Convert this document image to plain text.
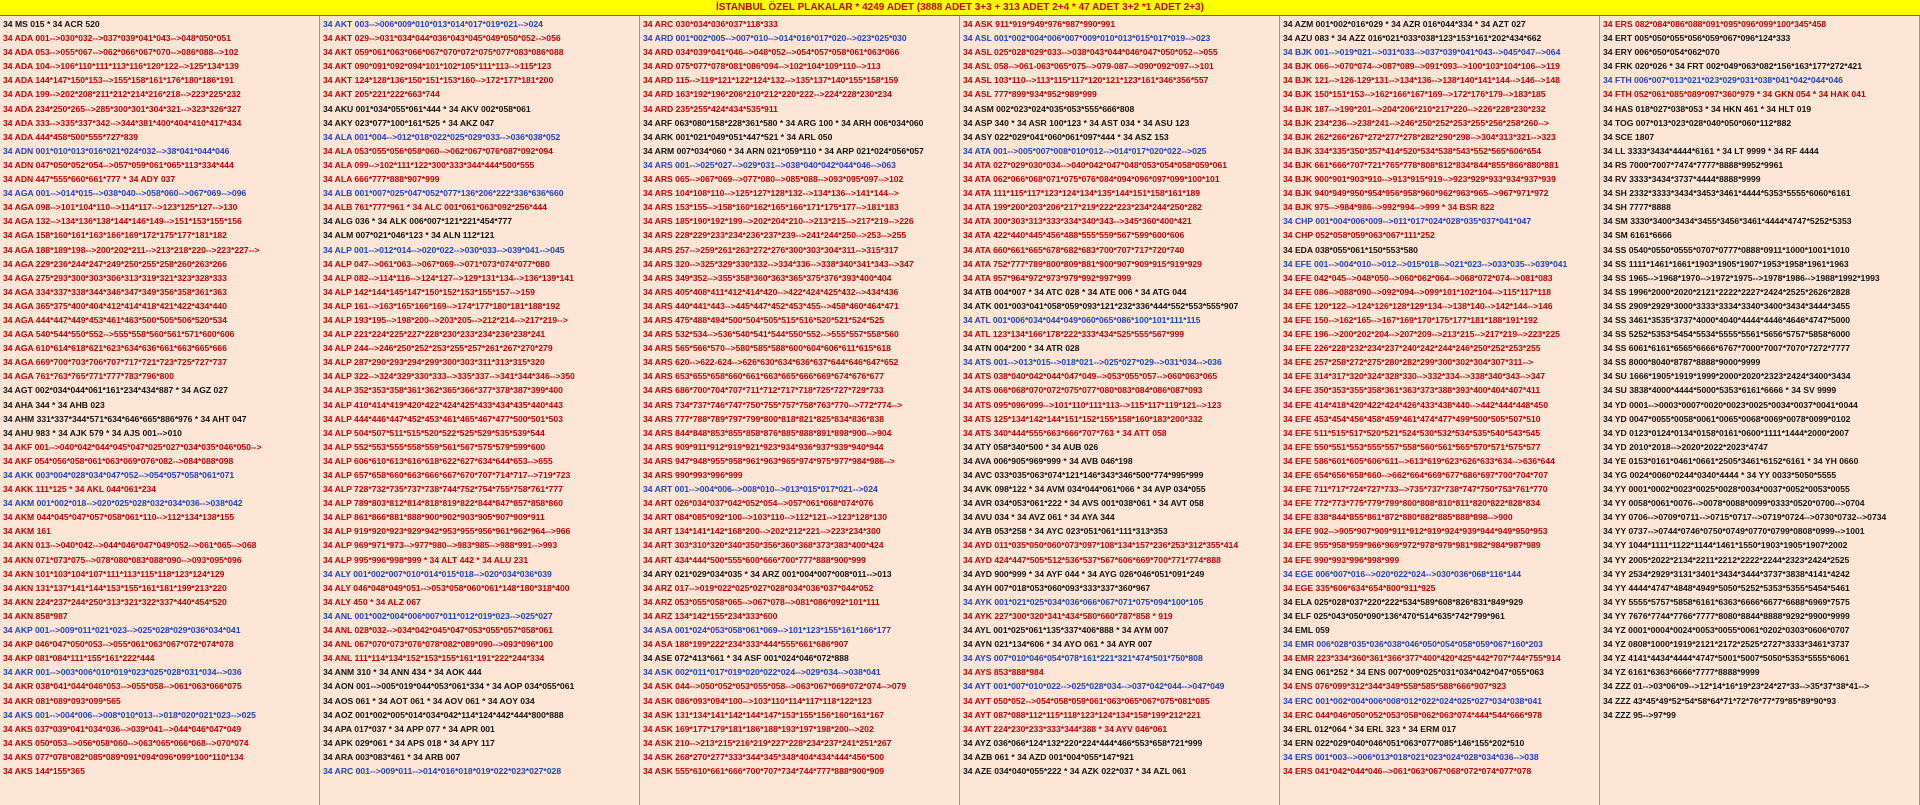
İSTANBUL ÖZEL PLAKALAR * 4249 ADET (3888 ADET 3+3 + 313 ADET 2+4 * 47 ADET 3+2 *1 ADET 2+3)
34 MS 015 * 34 ACR 520
34 ADA 001-->030*032-->037*039*041*043-->048*050*051
34 ADA 053-->055*067-->062*066*067*070-->086*088-->102
34 ADA 104-->106*110*111*113*116*120*122-->125*134*139
34 ADA 144*147*150*153-->155*158*161*176*180*186*191
34 ADA 199-->202*208*211*212*214*216*218-->223*225*232
34 ADA 234*250*265-->285*300*301*304*321-->323*326*327
34 ADA 333-->335*337*342-->344*381*400*404*410*417*434
34 ADA 444*458*500*555*727*839
34 ADN 001*010*013*016*021*024*032-->38*041*044*046
34 ADN 047*050*052*054-->057*059*061*065*113*334*444
34 ADN 447*555*660*661*777 * 34 ADY 037
34 AGA 001-->014*015-->038*040-->058*060-->067*069-->096
34 AGA 098-->101*104*110-->114*117-->123*125*127-->130
34 AGA 132-->134*136*138*144*146*149-->151*153*155*156
34 AGA 158*160*161*163*166*169*172*175*177*181*182
34 AGA 188*189*198-->200*202*211-->213*218*220-->223*227-->
34 AGA 229*236*244*247*249*250*255*258*260*263*266
34 AGA 275*293*300*303*306*313*319*321*323*328*333
34 AGA 334*337*338*344*346*347*349*356*358*361*363
34 AGA 365*375*400*404*412*414*418*421*422*434*440
34 AGA 444*447*449*453*461*463*500*505*506*520*534
34 AGA 540*544*550*552-->555*558*560*561*571*600*606
34 AGA 610*614*618*621*623*634*636*661*663*665*666
34 AGA 669*700*703*706*707*717*721*723*725*727*737
34 AGA 761*763*765*771*777*783*796*800
34 AGT 002*034*044*061*161*234*434*887 * 34 AGZ 027
34 AHA 344 * 34 AHB 023
34 AHM 331*337*344*571*634*646*665*886*976 * 34 AHT 047
34 AHU 983 * 34 AJK 579 * 34 AJS 001-->010
34 AKF 001-->040*042*044*045*047*025*027*034*035*046*050-->
34 AKF 054*056*058*061*063*069*076*082-->084*088*098
34 AKK 003*004*028*034*047*052-->054*057*058*061*071
34 AKK 111*125 * 34 AKL 044*061*234
34 AKM 001*002*018-->020*025*028*032*034*036-->038*042
34 AKM 044*045*047*057*058*061*110-->112*134*138*155
34 AKM 161
34 AKN 013-->040*042-->044*046*047*049*052-->061*065-->068
34 AKN 071*073*075-->078*080*083*088*090-->093*095*096
34 AKN 101*103*104*107*111*113*115*118*123*124*129
34 AKN 131*137*141*144*153*155*161*181*199*213*220
34 AKN 224*237*244*250*313*321*322*337*440*454*520
34 AKN 858*987
34 AKP 001-->009*011*021*023-->025*028*029*036*034*041
34 AKP 046*047*050*053-->055*061*063*067*072*074*078
34 AKP 081*084*111*155*161*222*444
34 AKR 001-->003*006*010*019*023*025*028*031*034-->036
34 AKR 038*041*044*046*053-->055*058-->061*063*066*075
34 AKR 081*089*093*099*565
34 AKS 001-->004*006-->008*010*013-->018*020*021*023-->025
34 AKS 037*039*041*034*036-->039*041-->044*046*047*049
34 AKS 050*053-->056*058*060-->063*065*066*068-->070*074
34 AKS 077*078*082*085*089*091*094*096*099*100*110*134
34 AKS 144*155*365
34 AKT 003-->006*009*010*013*014*017*019*021-->024
34 AKT 029-->031*034*044*036*043*045*049*050*052-->056
34 AKT 059*061*063*066*067*070*072*075*077*083*086*088
34 AKT 090*091*092*094*101*102*105*111*113-->115*123
34 AKT 124*128*136*150*151*153*160-->172*177*181*200
34 AKT 205*221*222*663*744
34 AKU 001*034*055*061*444 * 34 AKV 002*058*061
34 AKY 023*077*100*161*525 * 34 AKZ 047
34 ALA 001*004-->012*018*022*025*029*033-->036*038*052
34 ALA 053*055*056*058*060-->062*067*076*087*092*094
34 ALA 099-->102*111*122*300*333*344*444*500*555
34 ALA 666*777*888*907*999
34 ALB 001*007*025*047*052*077*136*206*222*336*636*660
34 ALB 761*777*961 * 34 ALC 001*061*063*092*256*444
34 ALG 036 * 34 ALK 006*007*121*221*454*777
34 ALM 007*021*046*123 * 34 ALN 112*121
34 ALP 001-->012*014-->020*022-->030*033-->039*041-->045
34 ALP 047-->061*063-->067*069-->071*073*074*077*080
34 ALP 082-->114*116-->124*127-->129*131*134-->136*139*141
34 ALP 142*144*145*147*150*152*153*155*157-->159
34 ALP 161-->163*165*166*169-->174*177*180*181*188*192
34 ALP 193*195-->198*200-->203*205-->212*214-->217*219-->
34 ALP 221*224*225*227*228*230*233*234*236*238*241
34 ALP 244-->246*250*252*253*255*257*261*267*270*279
34 ALP 287*290*293*294*299*300*303*311*313*315*320
34 ALP 322-->324*329*330*333-->335*337-->341*344*346-->350
34 ALP 352*353*358*361*362*365*366*377*378*387*399*400
34 ALP 410*414*419*420*422*424*425*433*434*435*440*443
34 ALP 444*446*447*452*453*461*465*467*477*500*501*503
34 ALP 504*507*511*515*520*522*525*529*535*539*544
34 ALP 552*553*555*558*559*561*567*575*579*599*600
34 ALP 606*610*613*616*618*622*627*634*644*653-->655
34 ALP 657*658*660*663*666*667*670*707*714*717-->719*723
34 ALP 728*732*735*737*738*744*752*754*755*758*761*777
34 ALP 789*803*812*814*818*819*822*844*847*857*858*860
34 ALP 861*866*881*888*900*902*903*905*907*909*911
34 ALP 919*920*923*929*942*953*955*956*961*962*964-->966
34 ALP 969*971*973-->977*980-->983*985-->988*991-->993
34 ALP 995*996*998*999 * 34 ALT 442 * 34 ALU 231
34 ALY 001*002*007*010*014*015*018-->020*034*036*039
34 ALY 046*048*049*051-->053*058*060*061*148*180*318*400
34 ALY 450 * 34 ALZ 067
34 ANL 001*002*004*006*007*011*012*019*023-->025*027
34 ANL 028*032-->034*042*045*047*053*055*057*058*061
34 ANL 067*070*073*076*078*082*089*090-->093*096*100
34 ANL 111*114*134*152*153*155*161*191*222*244*334
34 ANM 310 * 34 ANN 434 * 34 AOK 444
34 AON 001-->005*019*044*053*061*334 * 34 AOP 034*055*061
34 AOS 061 * 34 AOT 061 * 34 AOV 061 * 34 AOY 034
34 AOZ 001*002*005*014*034*042*114*124*442*444*800*888
34 APA 017*037 * 34 APP 077 * 34 APR 001
34 APK 029*061 * 34 APS 018 * 34 APY 117
34 ARA 003*083*461 * 34 ARB 007
34 ARC 001-->009*011-->014*016*018*019*022*023*027*028
34 ARC 030*034*036*037*118*333
34 ARD 001*002*005-->007*010-->014*016*017*020-->023*025*030
34 ARD 034*039*041*046-->048*052-->054*057*058*061*063*066
34 ARD 075*077*078*081*086*094-->102*104*109*110-->113
34 ARD 115-->119*121*122*124*132-->135*137*140*155*158*159
34 ARD 163*192*196*206*210*212*220*222-->224*228*230*234
34 ARD 235*255*424*434*535*911
34 ARF 063*080*158*228*361*580 * 34 ARG 100 * 34 ARH 006*034*060
34 ARK 001*021*049*051*447*521 * 34 ARL 050
34 ARM 007*034*060 * 34 ARN 021*059*110 * 34 ARP 021*024*056*057
34 ARS 001-->025*027-->029*031-->038*040*042*044*046-->063
34 ARS 065-->067*069-->077*080-->085*088-->093*095*097-->102
34 ARS 104*108*110-->125*127*128*132-->134*136-->141*144-->
34 ARS 153*155-->158*160*162*165*166*171*175*177-->181*183
34 ARS 185*190*192*199-->202*204*210-->213*215-->217*219-->226
34 ARS 228*229*233*234*236*237*239-->241*244*250-->253-->255
34 ARS 257-->259*261*263*272*276*300*303*304*311-->315*317
34 ARS 320-->325*329*330*332-->334*336-->338*340*341*343-->347
34 ARS 349*352-->355*358*360*363*365*375*376*393*400*404
34 ARS 405*408*411*412*414*420-->422*424*425*432-->434*436
34 ARS 440*441*443-->445*447*452*453*455-->458*460*464*471
34 ARS 475*488*494*500*504*505*515*516*520*521*524*525
34 ARS 532*534-->536*540*541*544*550*552-->555*557*558*560
34 ARS 565*566*570-->580*585*588*600*604*606*611*615*618
34 ARS 620-->622-624-->626*630*634*636*637*644*646*647*652
34 ARS 653*655*658*660*661*663*665*666*669*674*676*677
34 ARS 686*700*704*707*711*712*717*718*725*727*729*733
34 ARS 734*737*746*747*750*755*757*758*763*770-->772*774-->
34 ARS 777*788*789*797*799*800*818*821*825*834*836*838
34 ARS 844*848*853*855*858*876*885*888*891*898*900-->904
34 ARS 909*911*912*919*921*923*934*936*937*939*940*944
34 ARS 947*948*955*958*961*963*965*974*975*977*984*986-->
34 ARS 990*993*996*999
34 ART 001-->004*006-->008*010-->013*015*017*021-->024
34 ART 026*034*037*042*052*054-->057*061*068*074*076
34 ART 084*085*092*100-->103*110-->112*121-->123*128*130
34 ART 134*141*142*168*200-->202*212*221-->223*234*300
34 ART 303*310*320*340*350*356*360*368*373*383*400*424
34 ART 434*444*500*555*600*666*700*777*888*900*999
34 ARY 021*029*034*035 * 34 ARZ 001*004*007*008*011-->013
34 ARZ 017-->019*022*025*027*028*034*036*037*044*052
34 ARZ 053*055*058*065-->067*078-->081*086*092*101*111
34 ARZ 134*142*155*234*333*600
34 ASA 001*024*053*058*061*069-->101*123*155*161*166*177
34 ASA 188*199*222*234*333*444*555*661*686*907
34 ASE 072*413*661 * 34 ASF 001*024*046*072*888
34 ASK 002*011*017*019*020*022*024-->029*034-->038*041
34 ASK 044-->050*052*053*055*058-->063*067*069*072*074-->079
34 ASK 086*093*094*100-->103*110*114*117*118*122*123
34 ASK 131*134*141*142*144*147*153*155*156*160*161*167
34 ASK 169*177*179*181*186*188*193*197*198*200-->202
34 ASK 210-->213*215*216*219*227*228*234*237*241*251*267
34 ASK 268*270*277*333*344*345*348*404*434*444*456*500
34 ASK 555*610*661*666*700*707*734*744*777*888*900*909
34 ASK 911*919*949*976*987*990*991
34 ASL 001*002*004*006*007*009*010*013*015*017*019-->023
34 ASL 025*028*029*033-->038*043*044*046*047*050*052-->055
34 ASL 058-->061-063*065*075-->079-087-->090*092*097-->101
34 ASL 103*110-->113*115*117*120*121*123*161*346*356*557
34 ASL 777*899*934*952*989*999
34 ASM 002*023*024*035*053*555*666*808
34 ASP 340 * 34 ASR 100*123 * 34 AST 034 * 34 ASU 123
34 ASY 022*029*041*060*061*097*444 * 34 ASZ 153
34 ATA 001-->005*007*008*010*012-->014*017*020*022-->025
34 ATA 027*029*030*034-->040*042*047*048*053*054*058*059*061
34 ATA 062*066*068*071*075*076*084*094*096*097*099*100*101
34 ATA 111*115*117*123*124*134*135*144*151*158*161*189
34 ATA 199*200*203*206*217*219*222*223*234*244*250*282
34 ATA 300*303*313*333*334*340*343-->345*360*400*421
34 ATA 422*440*445*456*488*555*559*567*599*600*606
34 ATA 660*661*665*678*682*683*700*707*717*720*740
34 ATA 752*777*789*800*809*881*900*907*909*915*919*929
34 ATA 957*964*972*973*979*992*997*999
34 ATB 004*007 * 34 ATC 028 * 34 ATE 006 * 34 ATG 044
34 ATK 001*003*041*058*059*093*121*232*336*444*552*553*555*907
34 ATL 001*006*034*044*049*060*065*086*100*101*111*115
34 ATL 123*134*166*178*222*333*434*525*555*567*999
34 ATN 004*200 * 34 ATR 028
34 ATS 001-->013*015-->018*021-->025*027*029-->031*034-->036
34 ATS 038*040*042*044*047*049-->053*055*057-->060*063*065
34 ATS 066*068*070*072*075*077*080*083*084*086*087*093
34 ATS 095*096*099-->101*110*111*113-->115*117*119*121-->123
34 ATS 125*134*142*144*151*152*155*158*160*183*200*332
34 ATS 340*444*555*663*666*707*763 * 34 ATT 058
34 ATY 058*340*500 * 34 AUB 026
34 AVA 006*905*969*999 * 34 AVB 046*198
34 AVC 033*035*063*074*121*146*343*346*500*774*995*999
34 AVK 098*122 * 34 AVM 034*044*061*066 * 34 AVP 034*055
34 AVR 034*053*061*222 * 34 AVS 001*038*061 * 34 AVT 058
34 AVU 034 * 34 AVZ 061 * 34 AYA 344
34 AYB 053*258 * 34 AYC 023*051*061*111*313*353
34 AYD 011*035*050*060*073*097*108*134*157*236*253*312*355*414
34 AYD 424*447*505*512*536*537*567*606*669*700*771*774*888
34 AYD 900*999 * 34 AYF 044 * 34 AYG 026*046*051*091*249
34 AYH 007*018*053*060*093*333*337*360*967
34 AYK 001*021*025*034*036*066*067*071*075*094*100*105
34 AYK 227*300*320*341*434*580*660*787*858 * 919
34 AYL 001*025*061*135*337*406*888 * 34 AYM 007
34 AYN 021*134*606 * 34 AYO 061 * 34 AYR 007
34 AYS 007*010*046*054*078*161*221*321*474*501*750*808
34 AYS 853*888*984
34 AYT 001*007*010*022-->025*028*034-->037*042*044-->047*049
34 AYT 050*052-->054*058*059*061*063*065*067*075*081*085
34 AYT 087*088*112*115*118*123*124*134*158*199*212*221
34 AYT 224*230*233*333*344*388 * 34 AYV 046*061
34 AYZ 036*066*124*132*220*224*444*466*553*658*721*999
34 AZB 061 * 34 AZD 001*004*055*147*921
34 AZE 034*040*055*222 * 34 AZK 022*037 * 34 AZL 061
34 AZM 001*002*016*029 * 34 AZR 016*044*334 * 34 AZT 027
34 AZU 083 * 34 AZZ 016*021*033*038*123*153*161*202*434*662
34 BJK 001-->019*021-->031*033-->037*039*041*043-->045*047-->064
34 BJK 066-->070*074-->087*089-->091*093-->100*103*104*106-->119
34 BJK 121-->126-129*131-->134*136-->138*140*141*144-->146-->148
34 BJK 150*151*153-->162*166*167*169-->172*176*179-->183*185
34 BJK 187-->199*201-->204*206*210*217*220-->226*228*230*232
34 BJK 234*236-->238*241-->246*250*252*253*255*256*258*260-->
34 BJK 262*266*267*272*277*278*282*290*298-->304*313*321-->323
34 BJK 334*335*350*357*414*520*534*538*543*552*565*606*654
34 BJK 661*666*707*721*765*778*808*812*834*844*855*866*880*881
34 BJK 900*901*903*910-->913*915*919-->923*929*933*934*937*939
34 BJK 940*949*950*954*956*958*960*962*963*965-->967*971*972
34 BJK 975-->984*986-->992*994-->999 * 34 BSR 822
34 CHP 001*004*006*009-->011*017*024*028*035*037*041*047
34 CHP 052*058*059*063*067*111*252
34 EDA 038*055*061*150*553*580
34 EFE 001-->004*010-->012-->015*018-->021*023-->033*035-->039*041
34 EFE 042*045-->048*050-->060*062*064-->068*072*074-->081*083
34 EFE 086-->088*090-->092*094-->099*101*102*104-->115*117*118
34 EFE 120*122-->124*126*128*129*134-->138*140-->142*144-->146
34 EFE 150-->162*165-->167*169*170*175*177*181*188*191*192
34 EFE 196-->200*202*204-->207*209-->213*215-->217*219-->223*225
34 EFE 226*228*232*234*237*240*242*244*246*250*252*253*255
34 EFE 257*258*272*275*280*282*299*300*302*304*307*311-->
34 EFE 314*317*320*324*328*330-->332*334-->338*340*343-->347
34 EFE 350*353*355*358*361*363*373*388*393*400*404*407*411
34 EFE 414*418*420*422*424*426*433*438*440-->442*444*448*450
34 EFE 453*454*456*458*459*461*474*477*499*500*505*507*510
34 EFE 511*515*517*520*521*524*530*532*534*535*540*543*545
34 EFE 550*551*553*555*557*558*560*561*565*570*571*575*577
34 EFE 586*601*605*606*611-->613*619*623*626*633*634-->636*644
34 EFE 654*656*658*660-->662*664*669*677*686*697*700*704*707
34 EFE 711*717*724*727*733-->735*737*738*747*750*753*761*770
34 EFE 772*773*775*779*799*800*808*810*811*820*822*828*834
34 EFE 838*844*855*861*872*880*882*885*888*898-->900
34 EFE 902-->905*907*909*911*912*919*924*939*944*949*950*953
34 EFE 955*958*959*966*969*972*978*979*981*982*984*987*989
34 EFE 990*993*996*998*999
34 EGE 006*007*016-->020*022*024-->030*036*068*116*144
34 EGE 335*606*634*654*800*911*925
34 ELA 025*028*037*220*222*534*589*608*826*831*849*929
34 ELF 025*043*050*090*136*470*514*635*742*799*961
34 EML 059
34 EMR 006*028*035*036*038*046*050*054*058*059*067*160*203
34 EMR 223*334*360*361*366*377*400*420*425*442*707*744*755*914
34 ENG 061*252 * 34 ENS 007*009*025*031*034*042*047*055*063
34 ENS 076*099*312*344*349*558*585*588*666*907*923
34 ERC 001*002*004*006*008*012*022*024*025*027*034*038*041
34 ERC 044*046*050*052*053*058*062*063*074*444*544*666*978
34 ERL 012*064 * 34 ERL 323 * 34 ERM 017
34 ERN 022*029*040*046*051*063*077*085*146*155*202*510
34 ERS 001*003-->006*013*018*021*023*024*028*034*036-->038
34 ERS 041*042*044*046-->061*063*067*068*072*074*077*078
34 ERS 082*084*086*088*091*095*096*099*100*345*458
34 ERT 005*050*055*056*059*067*096*124*333
34 ERY 006*050*054*062*070
34 FRK 020*026 * 34 FRT 002*049*063*082*156*163*177*272*421
34 FTH 006*007*013*021*023*029*031*038*041*042*044*046
34 FTH 052*061*085*089*097*360*979 * 34 GKN 054 * 34 HAK 041
34 HAS 018*027*038*053 * 34 HKN 461 * 34 HLT 019
34 TOG 007*013*023*028*040*050*060*112*882
34 SCE 1807
34 LL 3333*3434*4444*6161 * 34 LT 9999 * 34 RF 4444
34 RS 7000*7007*7474*7777*8888*9952*9961
34 RV 3333*3434*3737*4444*8888*9999
34 SH 2332*3333*3434*3453*3461*4444*5353*5555*6060*6161
34 SH 7777*8888
34 SM 3330*3400*3434*3455*3456*3461*4444*4747*5252*5353
34 SM 6161*6666
34 SS 0540*0550*0555*0707*0777*0888*0911*1000*1001*1010
34 SS 1111*1461*1661*1903*1905*1907*1953*1958*1961*1963
34 SS 1965-->1968*1970-->1972*1975-->1978*1986-->1988*1992*1993
34 SS 1996*2000*2020*2121*2222*2227*2424*2525*2626*2828
34 SS 2909*2929*3000*3333*3334*3340*3400*3434*3444*3455
34 SS 3461*3535*3737*4000*4040*4444*4446*4646*4747*5000
34 SS 5252*5353*5454*5534*5555*5561*5656*5757*5858*6000
34 SS 6061*6161*6565*6666*6767*7000*7007*7070*7272*7777
34 SS 8000*8040*8787*8888*9000*9999
34 SU 1666*1905*1919*1999*2000*2020*2323*2424*3400*3434
34 SU 3838*4000*4444*5000*5353*6161*6666 * 34 SV 9999
34 YD 0001-->0003*0007*0020*0023*0025*0034*0037*0041*0044
34 YD 0047*0055*0058*0061*0065*0068*0069*0078*0099*0102
34 YD 0123*0124*0134*0158*0161*0600*1111*1444*2000*2007
34 YD 2010*2018-->2020*2022*2023*4747
34 YE 0153*0161*0461*0661*2505*3461*6152*6161 * 34 YH 0660
34 YG 0024*0060*0244*0340*4444 * 34 YY 0033*5050*5555
34 YY 0001*0002*0023*0025*0028*0034*0037*0052*0053*0055
34 YY 0058*0061*0076-->0078*0088*0099*0333*0520*0700-->0704
34 YY 0706-->0709*0711-->0715*0717-->0719*0724-->0730*0732-->0734
34 YY 0737-->0744*0746*0750*0749*0770*0799*0808*0999-->1001
34 YY 1044*1111*1122*1144*1461*1550*1903*1905*1907*2002
34 YY 2005*2022*2134*2211*2212*2222*2244*2323*2424*2525
34 YY 2534*2929*3131*3401*3434*3444*3737*3838*4141*4242
34 YY 4444*4747*4848*4949*5050*5252*5353*5355*5454*5461
34 YY 5555*5757*5858*6161*6363*6666*6677*6688*6969*7575
34 YY 7676*7744*7766*7777*8080*8844*8888*9292*9900*9999
34 YZ 0001*0004*0024*0053*0055*0061*0202*0303*0606*0707
34 YZ 0808*1000*1919*2121*2172*2525*2727*3333*3461*3737
34 YZ 4141*4434*4444*4747*5001*5007*5050*5353*5555*6061
34 YZ 6161*6363*6666*7777*8888*9999
34 ZZZ 01-->03*06*09-->12*14*16*19*23*24*27*33-->35*37*38*41-->
34 ZZZ 43*45*49*52*54*58*64*71*72*76*77*79*85*89*90*93
34 ZZZ 95-->97*99
